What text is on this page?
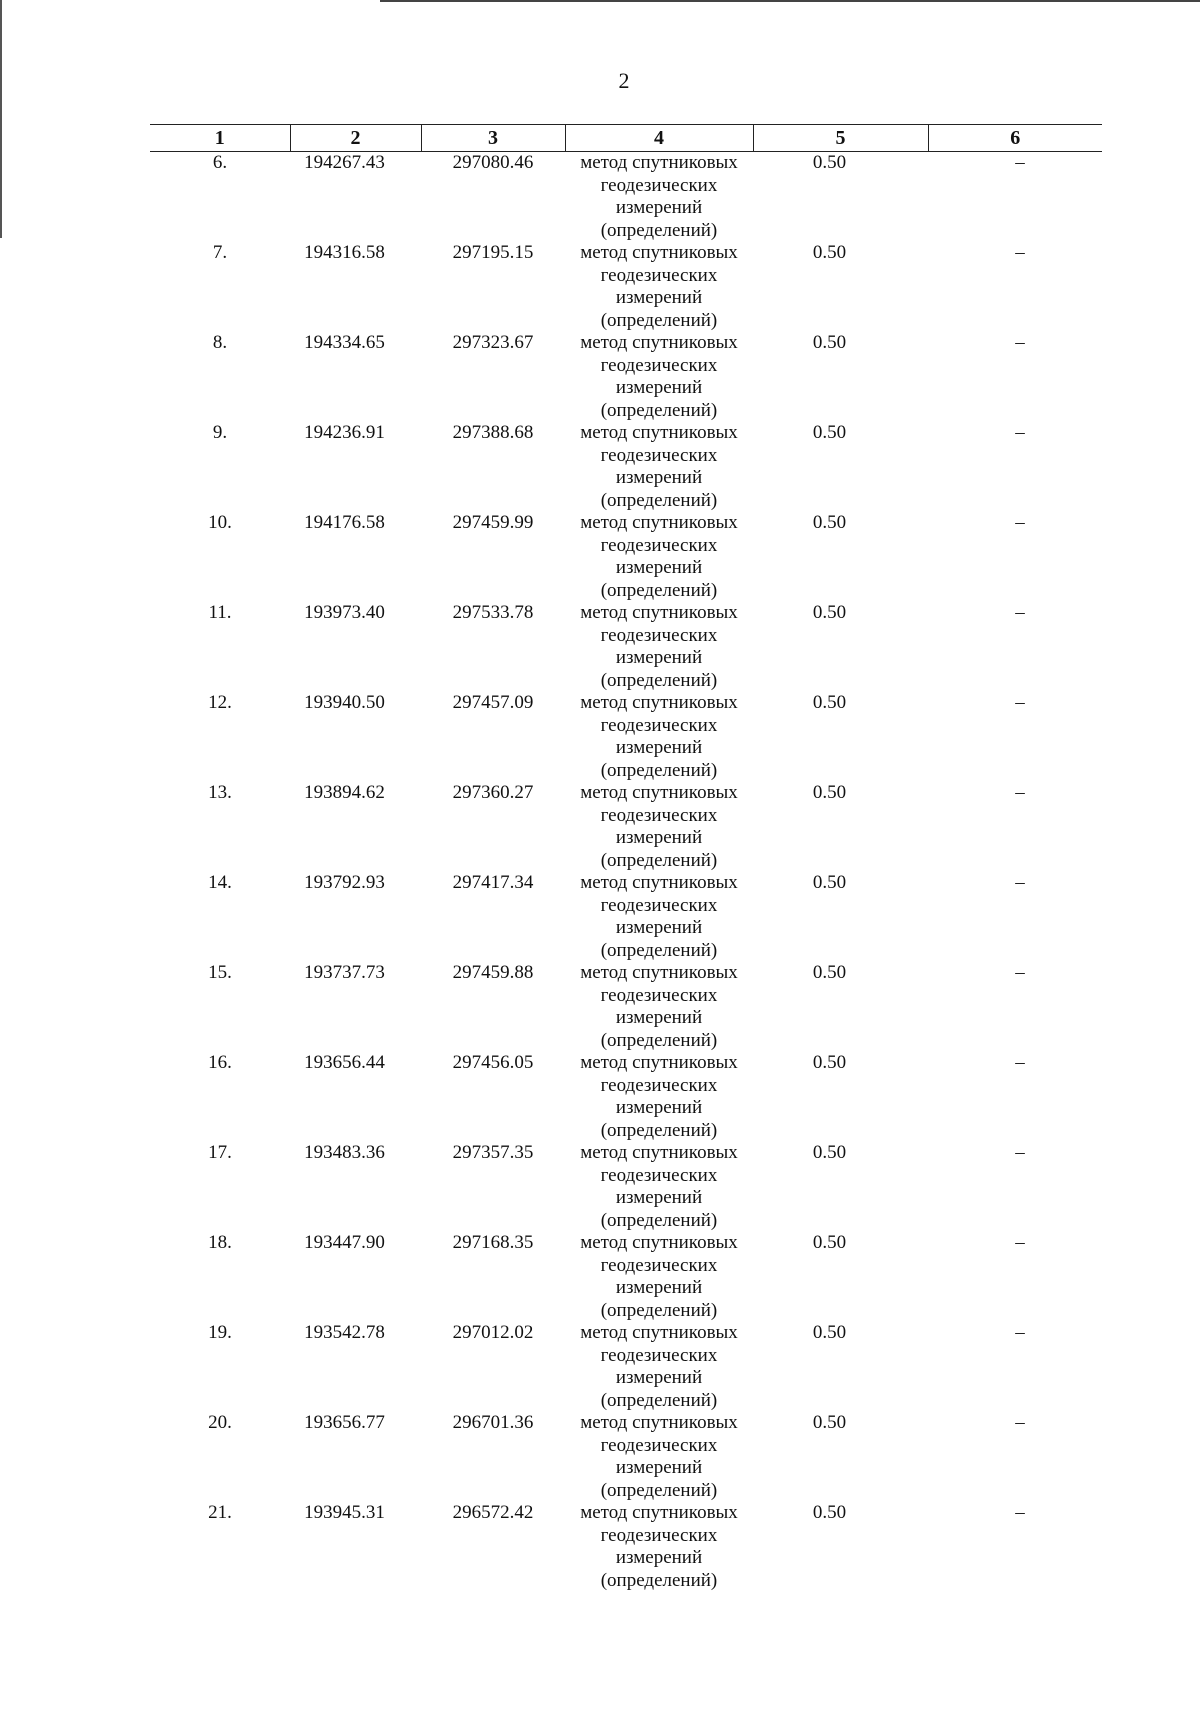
2
1	2	3	4	5	6
6.	194267.43	297080.46	метод спутниковых геодезических измерений (определений)	0.50	–
7.	194316.58	297195.15	метод спутниковых геодезических измерений (определений)	0.50	–
8.	194334.65	297323.67	метод спутниковых геодезических измерений (определений)	0.50	–
9.	194236.91	297388.68	метод спутниковых геодезических измерений (определений)	0.50	–
10.	194176.58	297459.99	метод спутниковых геодезических измерений (определений)	0.50	–
11.	193973.40	297533.78	метод спутниковых геодезических измерений (определений)	0.50	–
12.	193940.50	297457.09	метод спутниковых геодезических измерений (определений)	0.50	–
13.	193894.62	297360.27	метод спутниковых геодезических измерений (определений)	0.50	–
14.	193792.93	297417.34	метод спутниковых геодезических измерений (определений)	0.50	–
15.	193737.73	297459.88	метод спутниковых геодезических измерений (определений)	0.50	–
16.	193656.44	297456.05	метод спутниковых геодезических измерений (определений)	0.50	–
17.	193483.36	297357.35	метод спутниковых геодезических измерений (определений)	0.50	–
18.	193447.90	297168.35	метод спутниковых геодезических измерений (определений)	0.50	–
19.	193542.78	297012.02	метод спутниковых геодезических измерений (определений)	0.50	–
20.	193656.77	296701.36	метод спутниковых геодезических измерений (определений)	0.50	–
21.	193945.31	296572.42	метод спутниковых геодезических измерений (определений)	0.50	–
